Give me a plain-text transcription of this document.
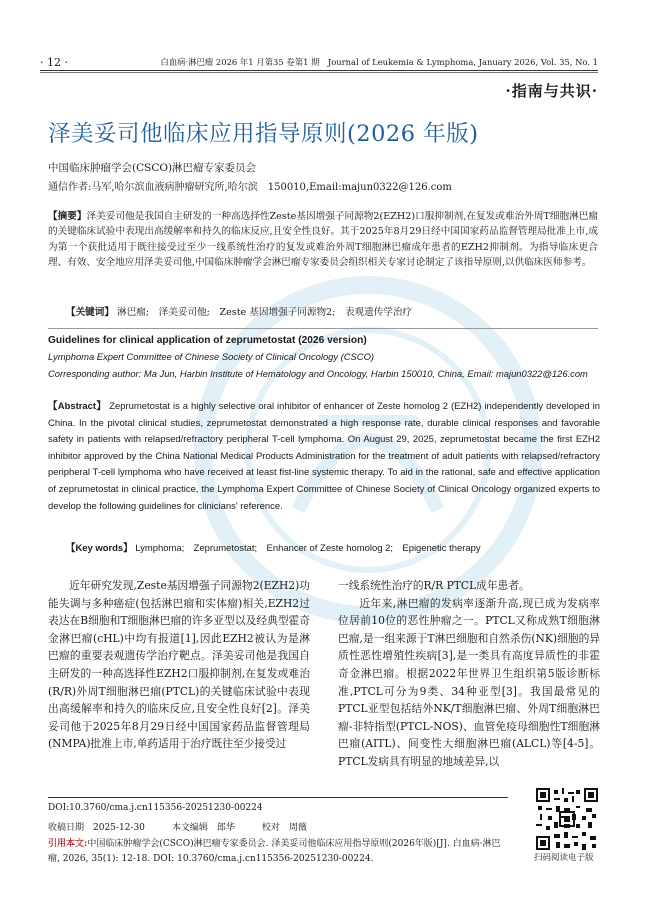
· 12 ·	白血病·淋巴瘤 2026 年1 月第35 卷第1 期　Journal of Leukemia & Lymphoma, January 2026, Vol. 35, No. 1
·指南与共识·
泽美妥司他临床应用指导原则(2026 年版)
中国临床肿瘤学会(CSCO)淋巴瘤专家委员会
通信作者:马军,哈尔滨血液病肿瘤研究所,哈尔滨　150010,Email:majun0322@126.com
【摘要】泽美妥司他是我国自主研发的一种高选择性Zeste基因增强子同源物2(EZH2)口服抑制剂,在复发或难治外周T细胞淋巴瘤的关键临床试验中表现出高缓解率和持久的临床反应,且安全性良好。其于2025年8月29日经中国国家药品监督管理局批准上市,成为第一个获批适用于既往接受过至少一线系统性治疗的复发或难治外周T细胞淋巴瘤成年患者的EZH2抑制剂。为指导临床更合理、有效、安全地应用泽美妥司他,中国临床肿瘤学会淋巴瘤专家委员会组织相关专家讨论制定了该指导原则,以供临床医师参考。
【关键词】 淋巴瘤;　泽美妥司他;　Zeste 基因增强子同源物2;　表观遗传学治疗
Guidelines for clinical application of zeprumetostat (2026 version)
Lymphoma Expert Committee of Chinese Society of Clinical Oncology (CSCO)
Corresponding author: Ma Jun, Harbin Institute of Hematology and Oncology, Harbin 150010, China, Email: majun0322@126.com
【Abstract】 Zeprumetostat is a highly selective oral inhibitor of enhancer of Zeste homolog 2 (EZH2) independently developed in China. In the pivotal clinical studies, zeprumetostat demonstrated a high response rate, durable clinical responses and favorable safety in patients with relapsed/refractory peripheral T-cell lymphoma. On August 29, 2025, zeprumetostat became the first EZH2 inhibitor approved by the China National Medical Products Administration for the treatment of adult patients with relapsed/refractory peripheral T-cell lymphoma who have received at least fist-line systemic therapy. To aid in the rational, safe and effective application of zeprumetostat in clinical practice, the Lymphoma Expert Committee of Chinese Society of Clinical Oncology organized experts to develop the following guidelines for clinicians' reference.
【Key words】 Lymphoma;　Zeprumetostat;　Enhancer of Zeste homolog 2;　Epigenetic therapy
近年研究发现,Zeste基因增强子同源物2(EZH2)功能失调与多种癌症(包括淋巴瘤和实体瘤)相关,EZH2过表达在B细胞和T细胞淋巴瘤的许多亚型以及经典型霍奇金淋巴瘤(cHL)中均有报道[1],因此EZH2被认为是淋巴瘤的重要表观遗传学治疗靶点。泽美妥司他是我国自主研发的一种高选择性EZH2口服抑制剂,在复发或难治(R/R)外周T细胞淋巴瘤(PTCL)的关键临床试验中表现出高缓解率和持久的临床反应,且安全性良好[2]。泽美妥司他于2025年8月29日经中国国家药品监督管理局(NMPA)批准上市,单药适用于治疗既往至少接受过
一线系统性治疗的R/R PTCL成年患者。
近年来,淋巴瘤的发病率逐渐升高,现已成为发病率位居前10位的恶性肿瘤之一。PTCL又称成熟T细胞淋巴瘤,是一组来源于T淋巴细胞和自然杀伤(NK)细胞的异质性恶性增殖性疾病[3],是一类具有高度异质性的非霍奇金淋巴瘤。根据2022年世界卫生组织第5版诊断标准,PTCL可分为9类、34种亚型[3]。我国最常见的PTCL亚型包括结外NK/T细胞淋巴瘤、外周T细胞淋巴瘤-非特指型(PTCL-NOS)、血管免疫母细胞性T细胞淋巴瘤(AITL)、间变性大细胞淋巴瘤(ALCL)等[4-5]。PTCL发病具有明显的地域差异,以
DOI:10.3760/cma.j.cn115356-20251230-00224
收稿日期　2025-12-30　　　本文编辑　郎华　　　校对　周薇
引用本文:中国临床肿瘤学会(CSCO)淋巴瘤专家委员会. 泽美妥司他临床应用指导原则(2026年版)[J]. 白血病·淋巴瘤, 2026, 35(1): 12-18. DOI: 10.3760/cma.j.cn115356-20251230-00224.	扫码阅读电子版
